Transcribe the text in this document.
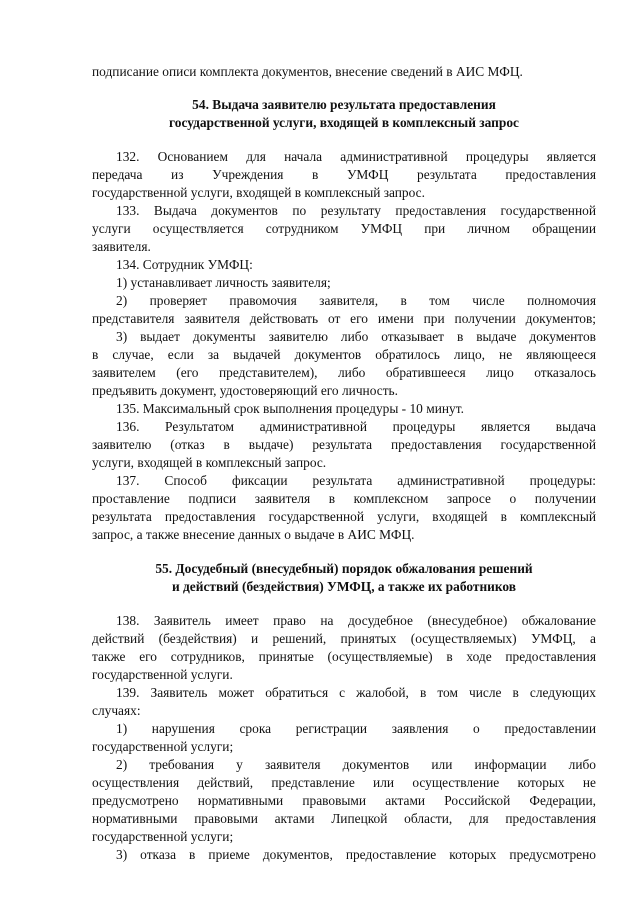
подписание описи комплекта документов, внесение сведений в АИС МФЦ.
54. Выдача заявителю результата предоставления
государственной услуги, входящей в комплексный запрос
132. Основанием для начала административной процедуры является
передача из Учреждения в УМФЦ результата предоставления
государственной услуги, входящей в комплексный запрос.
133. Выдача документов по результату предоставления государственной
услуги осуществляется сотрудником УМФЦ при личном обращении
заявителя.
134. Сотрудник УМФЦ:
1) устанавливает личность заявителя;
2) проверяет правомочия заявителя, в том числе полномочия
представителя заявителя действовать от его имени при получении документов;
3) выдает документы заявителю либо отказывает в выдаче документов
в случае, если за выдачей документов обратилось лицо, не являющееся
заявителем (его представителем), либо обратившееся лицо отказалось
предъявить документ, удостоверяющий его личность.
135. Максимальный срок выполнения процедуры - 10 минут.
136. Результатом административной процедуры является выдача
заявителю (отказ в выдаче) результата предоставления государственной
услуги, входящей в комплексный запрос.
137. Способ фиксации результата административной процедуры:
проставление подписи заявителя в комплексном запросе о получении
результата предоставления государственной услуги, входящей в комплексный
запрос, а также внесение данных о выдаче в АИС МФЦ.
55. Досудебный (внесудебный) порядок обжалования решений
и действий (бездействия) УМФЦ, а также их работников
138. Заявитель имеет право на досудебное (внесудебное) обжалование
действий (бездействия) и решений, принятых (осуществляемых) УМФЦ, а
также его сотрудников, принятые (осуществляемые) в ходе предоставления
государственной услуги.
139. Заявитель может обратиться с жалобой, в том числе в следующих
случаях:
1) нарушения срока регистрации заявления о предоставлении
государственной услуги;
2) требования у заявителя документов или информации либо
осуществления действий, представление или осуществление которых не
предусмотрено нормативными правовыми актами Российской Федерации,
нормативными правовыми актами Липецкой области, для предоставления
государственной услуги;
3) отказа в приеме документов, предоставление которых предусмотрено
